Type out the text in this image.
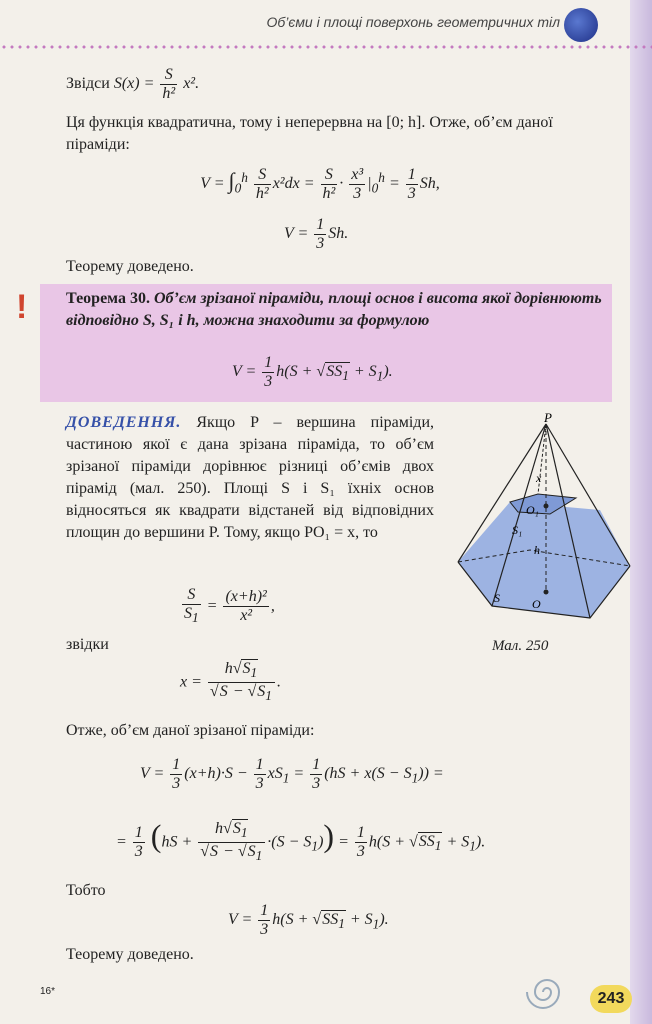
Об’єми і площі поверхонь геометричних тіл
Звідси $S(x) = \frac{S}{\text{h²}} x^2$.

Ця функція квадратична, тому і неперервна на [0; h]. Отже, об’єм даної піраміди:

$V = \int_0^h \frac{S}{\text{h²}} x^2dx = \frac{S}{\text{h²}} \cdot \frac{\text{x³}}{3} |_0^h = \frac{1}{3} Sh$,
$V = \frac{1}{3} Sh$.

Теорему доведено.

! Теорема 30. Об’єм зрізаної піраміди, площі основ і висота якої дорівнюють відповідно S, S₁ і h, можна знаходити за формулою

$V = \frac{1}{3} h(S + √SS_1 + S_1)$.

ДОВЕДЕННЯ. Якщо P – вершина піраміди, частиною якої є дана зрізана піраміда, то об’єм зрізаної піраміди дорівнює різниці об’ємів двох пірамід (мал. 250). Площі S і S₁ їхніх основ відносяться як квадрати відстаней від відповідних площин до вершини P. Тому, якщо PO₁ = x, то

$\frac{S}{S_1} = \frac{\text{(x+h)²}}{\text{x²}}$ ,

звідки

$x = \frac{h√S_1}{√S - √S_1}$ .

Отже, об’єм даної зрізаної піраміди:

$V = \frac{1}{3} (x+h)\cdot S - \frac{1}{3} xS_1 = \frac{1}{3} (hS + x(S - S_1))$ =
= $\frac{1}{3} (hS + \frac{h√S_1}{√S - √S_1} \cdot(S - S_1)) = \frac{1}{3} h(S + √SS_1 + S_1)$.

Тобто

$V = \frac{1}{3} h(S + √SS_1 + S_1)$.

Теорему доведено.

P
x
O₁
S₁
h
S	O
Мал. 250
16*	243
